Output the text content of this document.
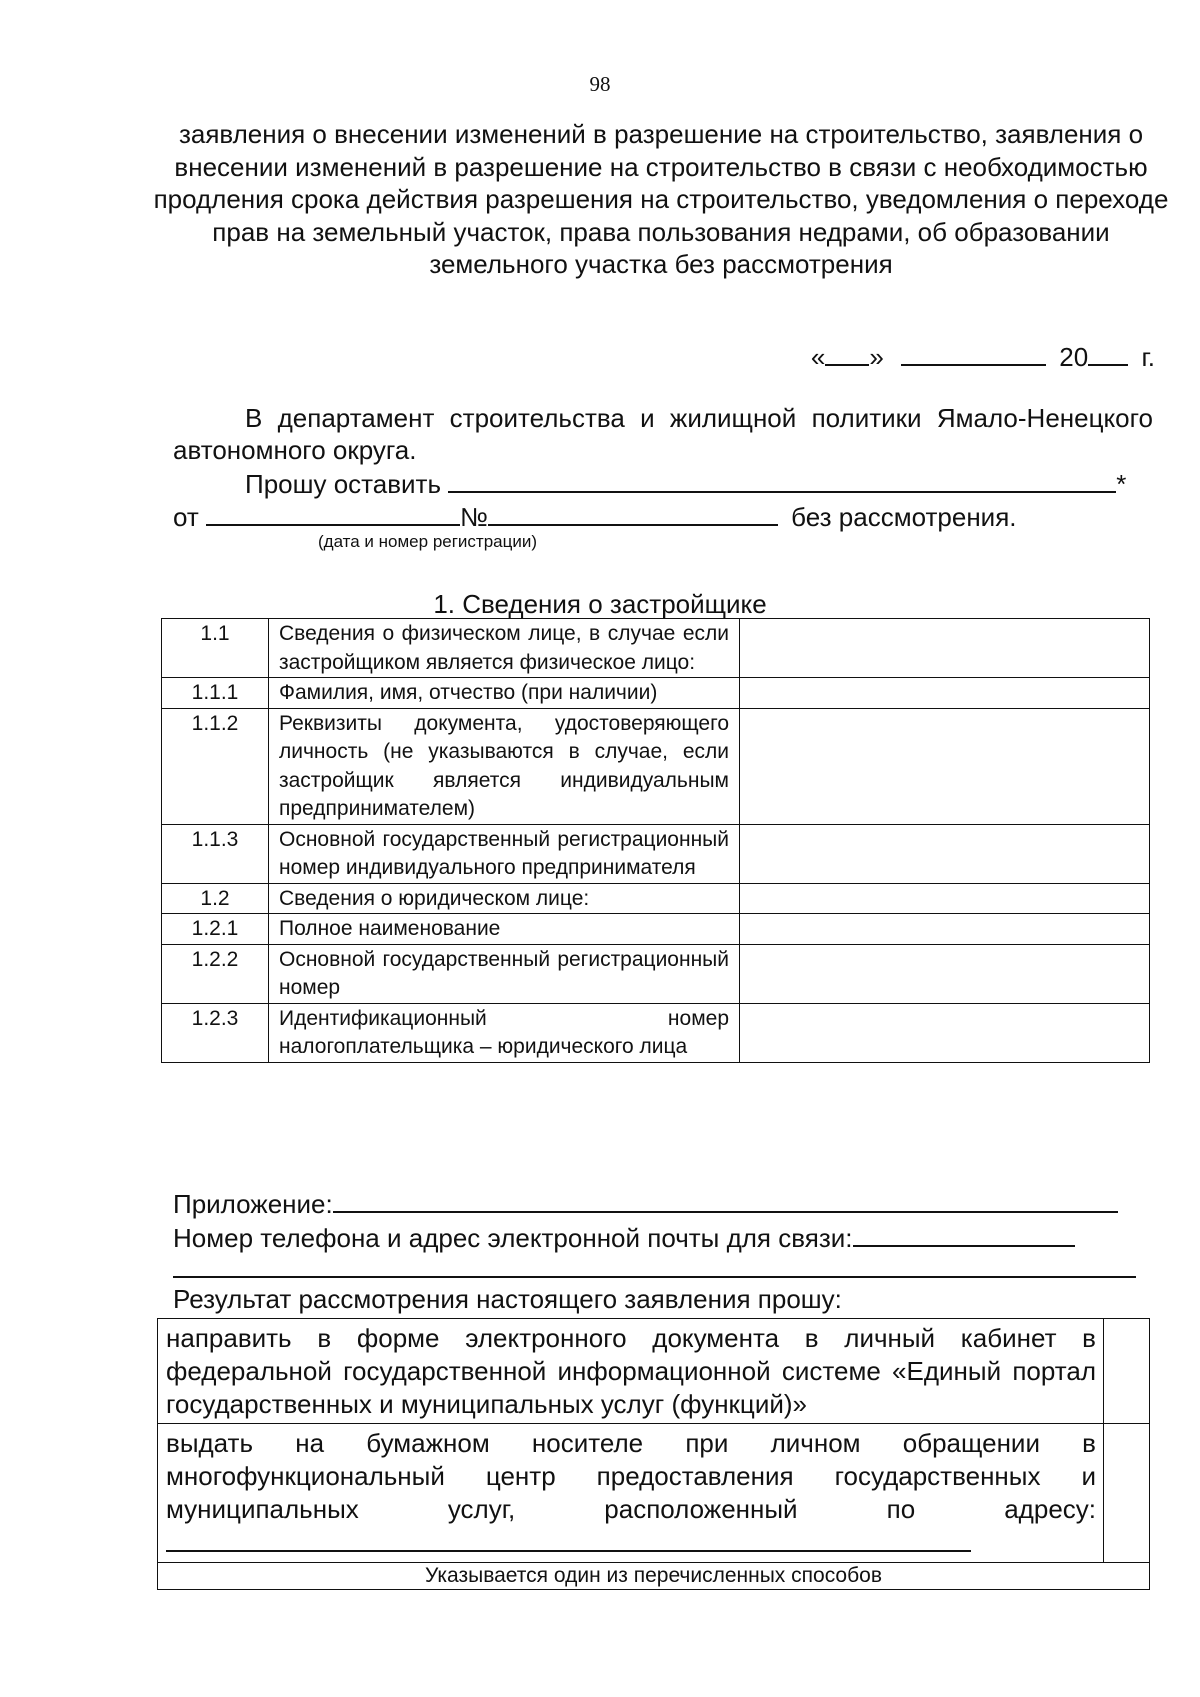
98
заявления о внесении изменений в разрешение на строительство, заявления о внесении изменений в разрешение на строительство в связи с необходимостью продления срока действия разрешения на строительство, уведомления о переходе прав на земельный участок, права пользования недрами, об образовании земельного участка без рассмотрения
« »	20 г.
В департамент строительства и жилищной политики Ямало-Ненецкого автономного округа.
Прошу оставить	*
от	№	без рассмотрения.
(дата и номер регистрации)
1. Сведения о застройщике
1.1	Сведения о физическом лице, в случае если застройщиком является физическое лицо:	
1.1.1	Фамилия, имя, отчество (при наличии)	
1.1.2	Реквизиты документа, удостоверяющего личность (не указываются в случае, если застройщик является индивидуальным предпринимателем)	
1.1.3	Основной государственный регистрационный номер индивидуального предпринимателя	
1.2	Сведения о юридическом лице:	
1.2.1	Полное наименование	
1.2.2	Основной государственный регистрационный номер	
1.2.3	Идентификационный номер налогоплательщика – юридического лица	
Приложение:
Номер телефона и адрес электронной почты для связи:
Результат рассмотрения настоящего заявления прошу:
направить в форме электронного документа в личный кабинет в федеральной государственной информационной системе «Единый портал государственных и муниципальных услуг (функций)»	
выдать на бумажном носителе при личном обращении в многофункциональный центр предоставления государственных и муниципальных услуг, расположенный по адресу:	
Указывается один из перечисленных способов	
